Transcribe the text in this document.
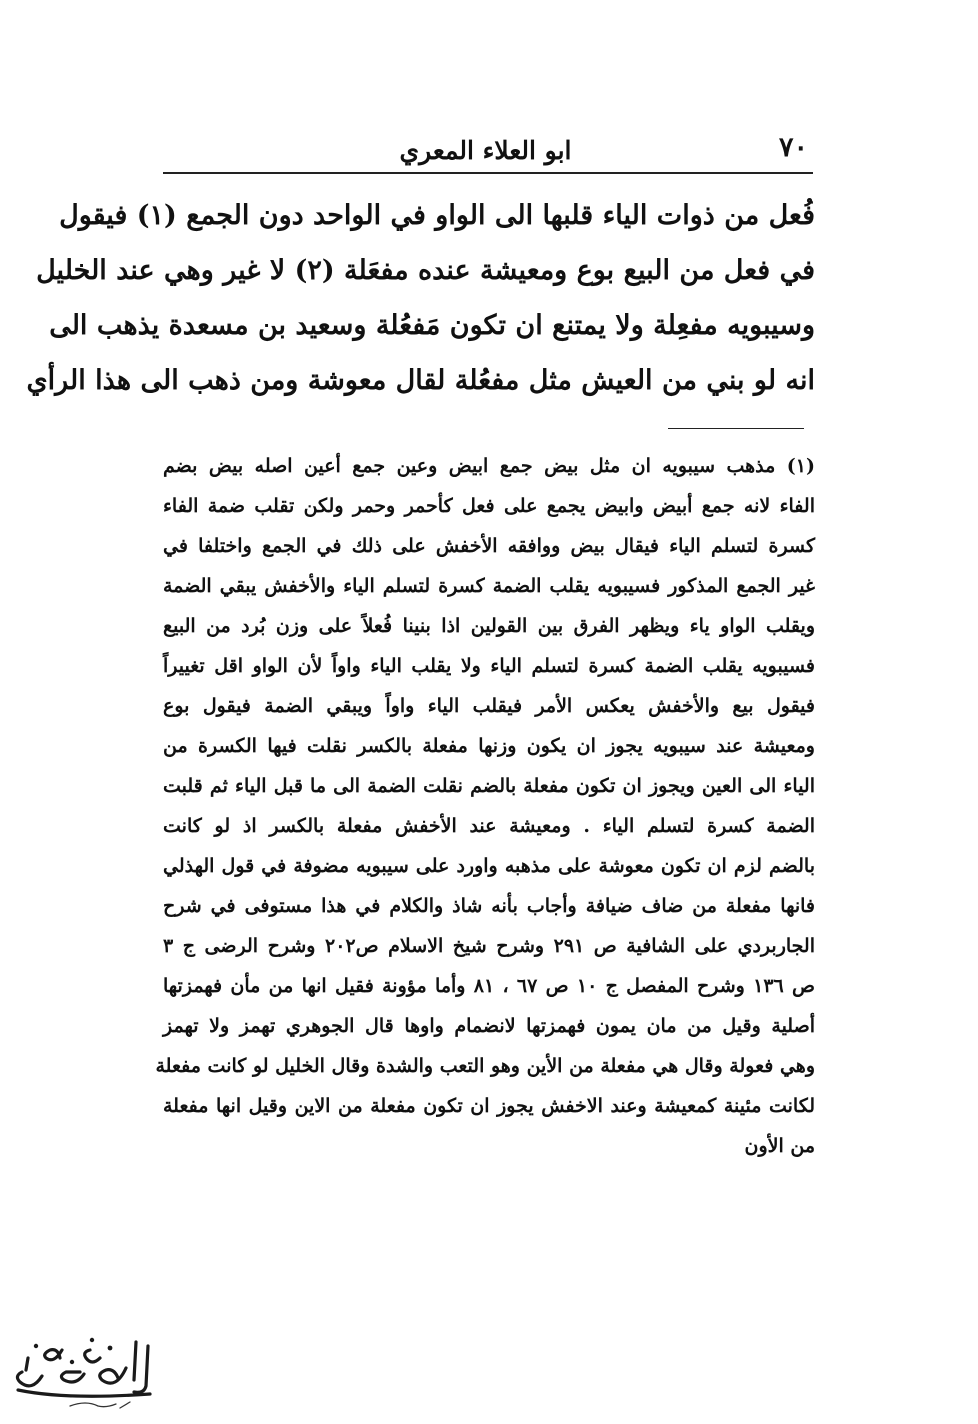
٧٠
ابو العلاء المعري
فُعل من ذوات الياء قلبها الى الواو في الواحد دون الجمع (١) فيقول
في فعل من البيع بوع ومعيشة عنده مفعَلة (٢) لا غير وهي عند الخليل
وسيبويه مفعِلة ولا يمتنع ان تكون مَفعُلة وسعيد بن مسعدة يذهب الى
انه لو بني من العيش مثل مفعُلة لقال معوشة ومن ذهب الى هذا الرأي
(١) مذهب سيبويه ان مثل بيض جمع ابيض وعين جمع أعين اصله بيض بضم
الفاء لانه جمع أبيض وابيض يجمع على فعل كأحمر وحمر ولكن تقلب ضمة الفاء
كسرة لتسلم الياء فيقال بيض ووافقه الأخفش على ذلك في الجمع واختلفا في
غير الجمع المذكور فسيبويه يقلب الضمة كسرة لتسلم الياء والأخفش يبقي الضمة
ويقلب الواو ياء ويظهر الفرق بين القولين اذا بنينا فُعلاً على وزن بُرد من البيع
فسيبويه يقلب الضمة كسرة لتسلم الياء ولا يقلب الياء واواً لأن الواو اقل تغييراً
فيقول بيع والأخفش يعكس الأمر فيقلب الياء واواً ويبقي الضمة فيقول بوع
ومعيشة عند سيبويه يجوز ان يكون وزنها مفعلة بالكسر نقلت فيها الكسرة من
الياء الى العين ويجوز ان تكون مفعلة بالضم نقلت الضمة الى ما قبل الياء ثم قلبت
الضمة كسرة لتسلم الياء . ومعيشة عند الأخفش مفعلة بالكسر اذ لو كانت
بالضم لزم ان تكون معوشة على مذهبه واورد على سيبويه مضوفة في قول الهذلي
فانها مفعلة من ضاف ضيافة وأجاب بأنه شاذ والكلام في هذا مستوفى في شرح
الجاربردي على الشافية ص ٢٩١ وشرح شيخ الاسلام ص٢٠٢ وشرح الرضى ج ٣
ص ١٣٦ وشرح المفصل ج ١٠ ص ٦٧ ، ٨١ وأما مؤونة فقيل انها من مأن فهمزتها
أصلية وقيل من مان يمون فهمزتها لانضمام واوها قال الجوهري تهمز ولا تهمز
وهي فعولة وقال هي مفعلة من الأين وهو التعب والشدة وقال الخليل لو كانت مفعلة
لكانت مئينة كمعيشة وعند الاخفش يجوز ان تكون مفعلة من الاين وقيل انها مفعلة
من الأون
